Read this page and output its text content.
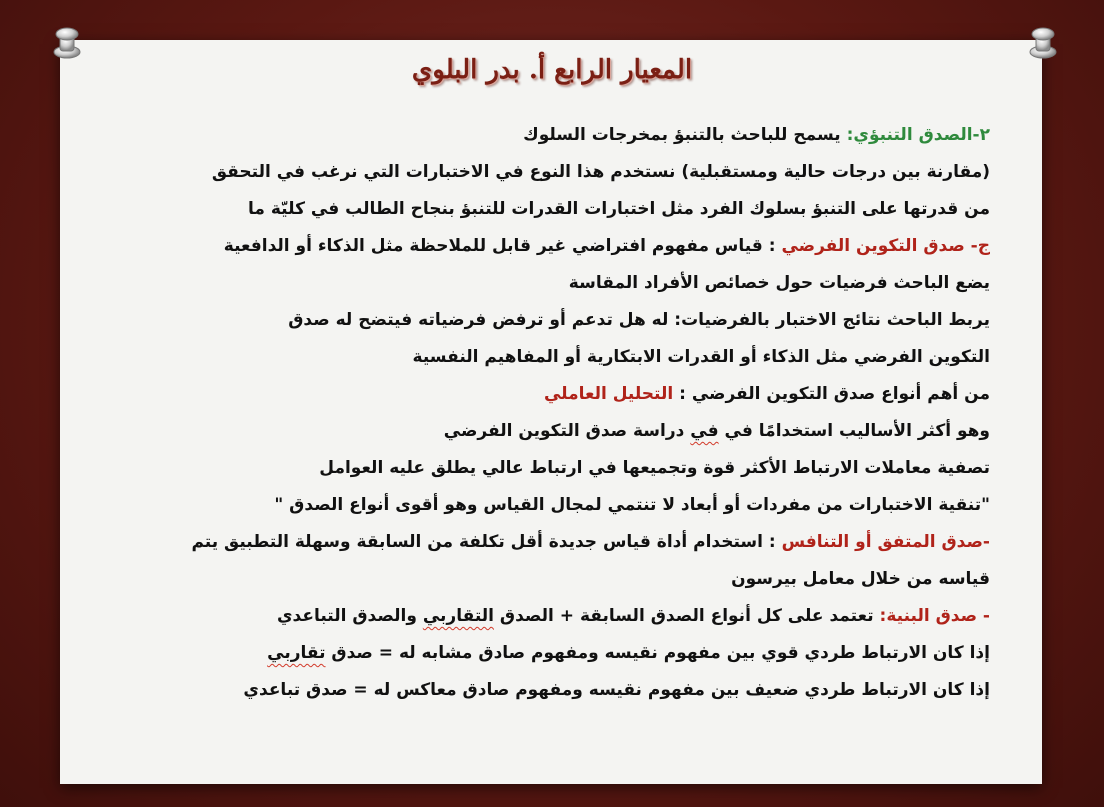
المعيار الرابع أ. بدر البلوي
٢-الصدق التنبؤي: يسمح للباحث بالتنبؤ بمخرجات السلوك
(مقارنة بين درجات حالية ومستقبلية) نستخدم هذا النوع في الاختبارات التي نرغب في التحقق
من قدرتها على التنبؤ بسلوك الفرد مثل اختبارات القدرات للتنبؤ بنجاح الطالب في كليّة ما
ج- صدق التكوين الفرضي : قياس مفهوم افتراضي غير قابل للملاحظة مثل الذكاء أو الدافعية
يضع الباحث فرضيات حول خصائص الأفراد المقاسة
يربط الباحث نتائج الاختبار بالفرضيات: له هل تدعم أو ترفض فرضياته فيتضح له صدق
التكوين الفرضي مثل الذكاء أو القدرات الابتكارية أو المفاهيم النفسية
من أهم أنواع صدق التكوين الفرضي : التحليل العاملي
وهو أكثر الأساليب استخدامًا في في دراسة صدق التكوين الفرضي
تصفية معاملات الارتباط الأكثر قوة وتجميعها في ارتباط عالي يطلق عليه العوامل
"تنقية الاختبارات من مفردات أو أبعاد لا تنتمي لمجال القياس وهو أقوى أنواع الصدق "
-صدق المتفق أو التنافس : استخدام أداة قياس جديدة أقل تكلفة من السابقة وسهلة التطبيق يتم
قياسه من خلال معامل بيرسون
- صدق البنية: تعتمد على كل أنواع الصدق السابقة + الصدق التقاربي والصدق التباعدي
إذا كان الارتباط طردي قوي بين مفهوم نقيسه ومفهوم صادق مشابه له = صدق تقاربي
إذا كان الارتباط طردي ضعيف بين مفهوم نقيسه ومفهوم صادق معاكس له = صدق تباعدي
